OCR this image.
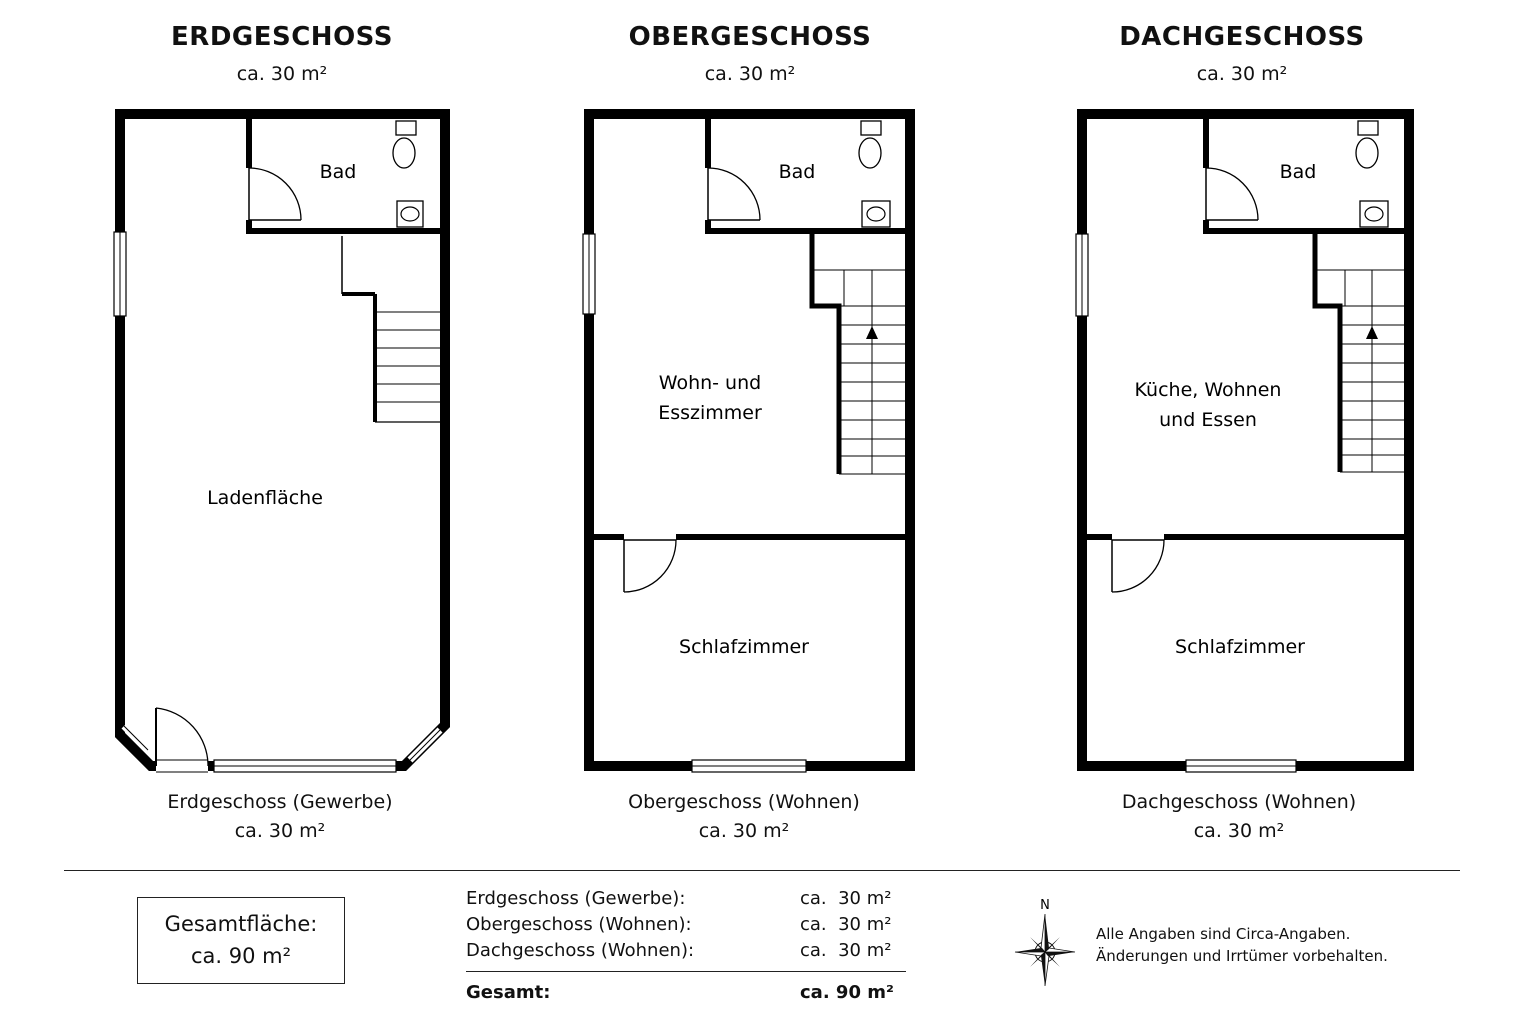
ERDGESCHOSS
ca. 30 m²
OBERGESCHOSS
ca. 30 m²
DACHGESCHOSS
ca. 30 m²
Bad
Ladenfläche
Bad
Wohn- und
Esszimmer
Schlafzimmer
Bad
Küche, Wohnen
und Essen
Schlafzimmer
Erdgeschoss (Gewerbe)
ca. 30 m²
Obergeschoss (Wohnen)
ca. 30 m²
Dachgeschoss (Wohnen)
ca. 30 m²
Gesamtfläche:
ca. 90 m²
Erdgeschoss (Gewerbe):	ca.  30 m²
Obergeschoss (Wohnen):	ca.  30 m²
Dachgeschoss (Wohnen):	ca.  30 m²
Gesamt:	ca. 90 m²
N
Alle Angaben sind Circa-Angaben.
Änderungen und Irrtümer vorbehalten.
